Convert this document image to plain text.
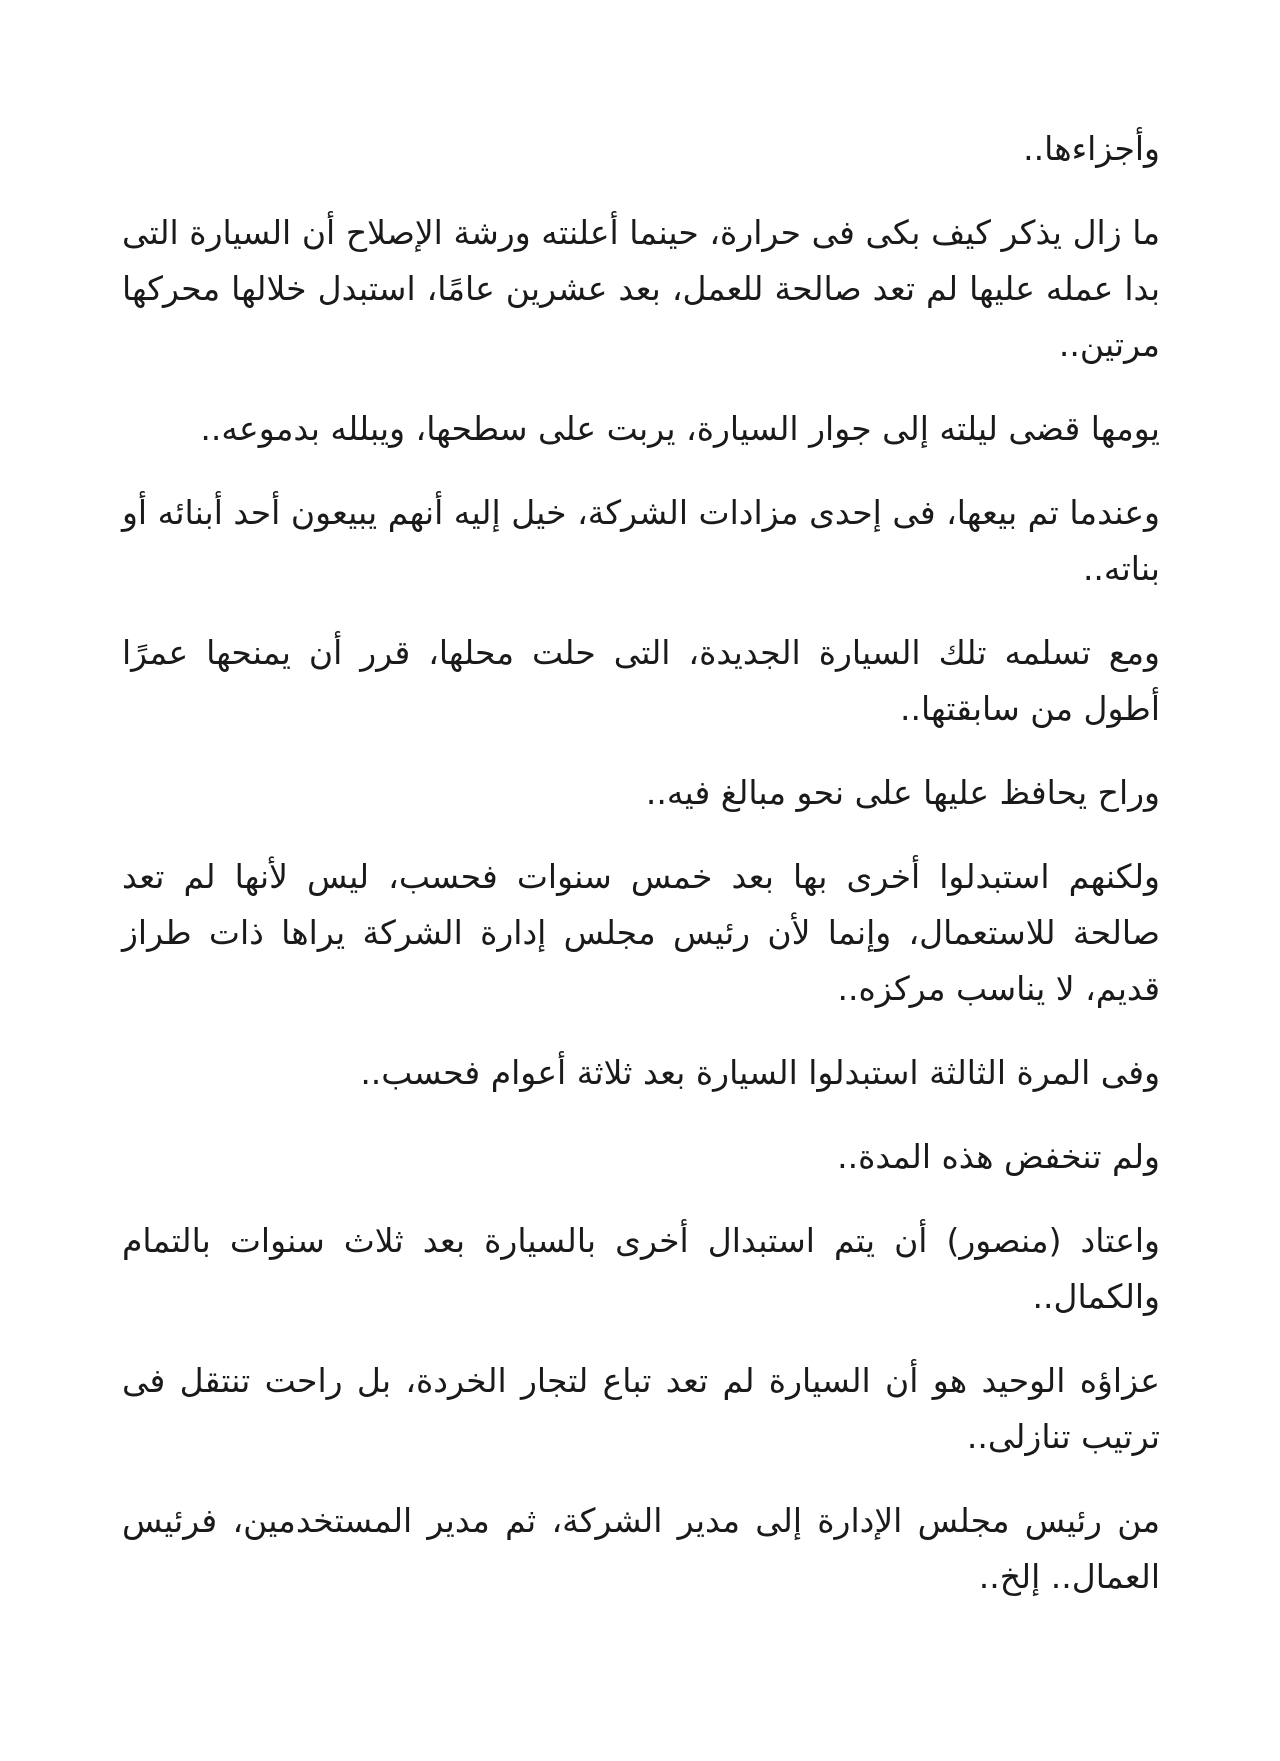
وأجزاءها..

ما زال يذكر كيف بكى فى حرارة، حينما أعلنته ورشة الإصلاح أن السيارة التى بدا عمله عليها لم تعد صالحة للعمل، بعد عشرين عامًا، استبدل خلالها محركها مرتين..

يومها قضى ليلته إلى جوار السيارة، يربت على سطحها، ويبلله بدموعه..

وعندما تم بيعها، فى إحدى مزادات الشركة، خيل إليه أنهم يبيعون أحد أبنائه أو بناته..

ومع تسلمه تلك السيارة الجديدة، التى حلت محلها، قرر أن يمنحها عمرًا أطول من سابقتها..

وراح يحافظ عليها على نحو مبالغ فيه..

ولكنهم استبدلوا أخرى بها بعد خمس سنوات فحسب، ليس لأنها لم تعد صالحة للاستعمال، وإنما لأن رئيس مجلس إدارة الشركة يراها ذات طراز قديم، لا يناسب مركزه..

وفى المرة الثالثة استبدلوا السيارة بعد ثلاثة أعوام فحسب..

ولم تنخفض هذه المدة..

واعتاد (منصور) أن يتم استبدال أخرى بالسيارة بعد ثلاث سنوات بالتمام والكمال..

عزاؤه الوحيد هو أن السيارة لم تعد تباع لتجار الخردة، بل راحت تنتقل فى ترتيب تنازلى..

من رئيس مجلس الإدارة إلى مدير الشركة، ثم مدير المستخدمين، فرئيس العمال.. إلخ..
